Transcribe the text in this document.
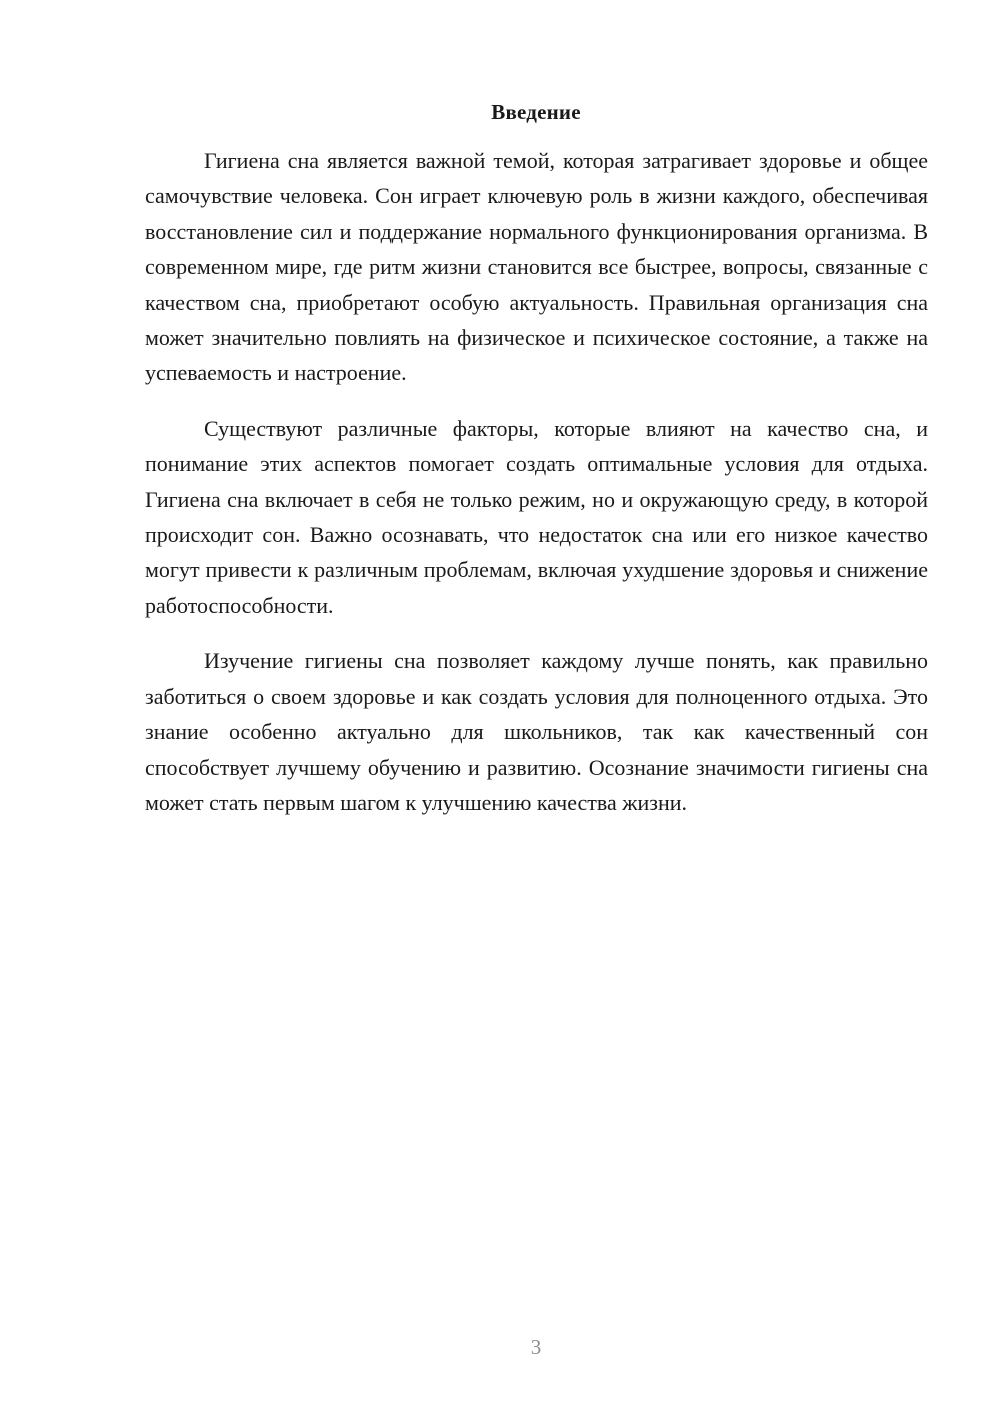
Введение

Гигиена сна является важной темой, которая затрагивает здоровье и общее самочувствие человека. Сон играет ключевую роль в жизни каждого, обеспечивая восстановление сил и поддержание нормального функционирования организма. В современном мире, где ритм жизни становится все быстрее, вопросы, связанные с качеством сна, приобретают особую актуальность. Правильная организация сна может значительно повлиять на физическое и психическое состояние, а также на успеваемость и настроение.

Существуют различные факторы, которые влияют на качество сна, и понимание этих аспектов помогает создать оптимальные условия для отдыха. Гигиена сна включает в себя не только режим, но и окружающую среду, в которой происходит сон. Важно осознавать, что недостаток сна или его низкое качество могут привести к различным проблемам, включая ухудшение здоровья и снижение работоспособности.

Изучение гигиены сна позволяет каждому лучше понять, как правильно заботиться о своем здоровье и как создать условия для полноценного отдыха. Это знание особенно актуально для школьников, так как качественный сон способствует лучшему обучению и развитию. Осознание значимости гигиены сна может стать первым шагом к улучшению качества жизни.

3
